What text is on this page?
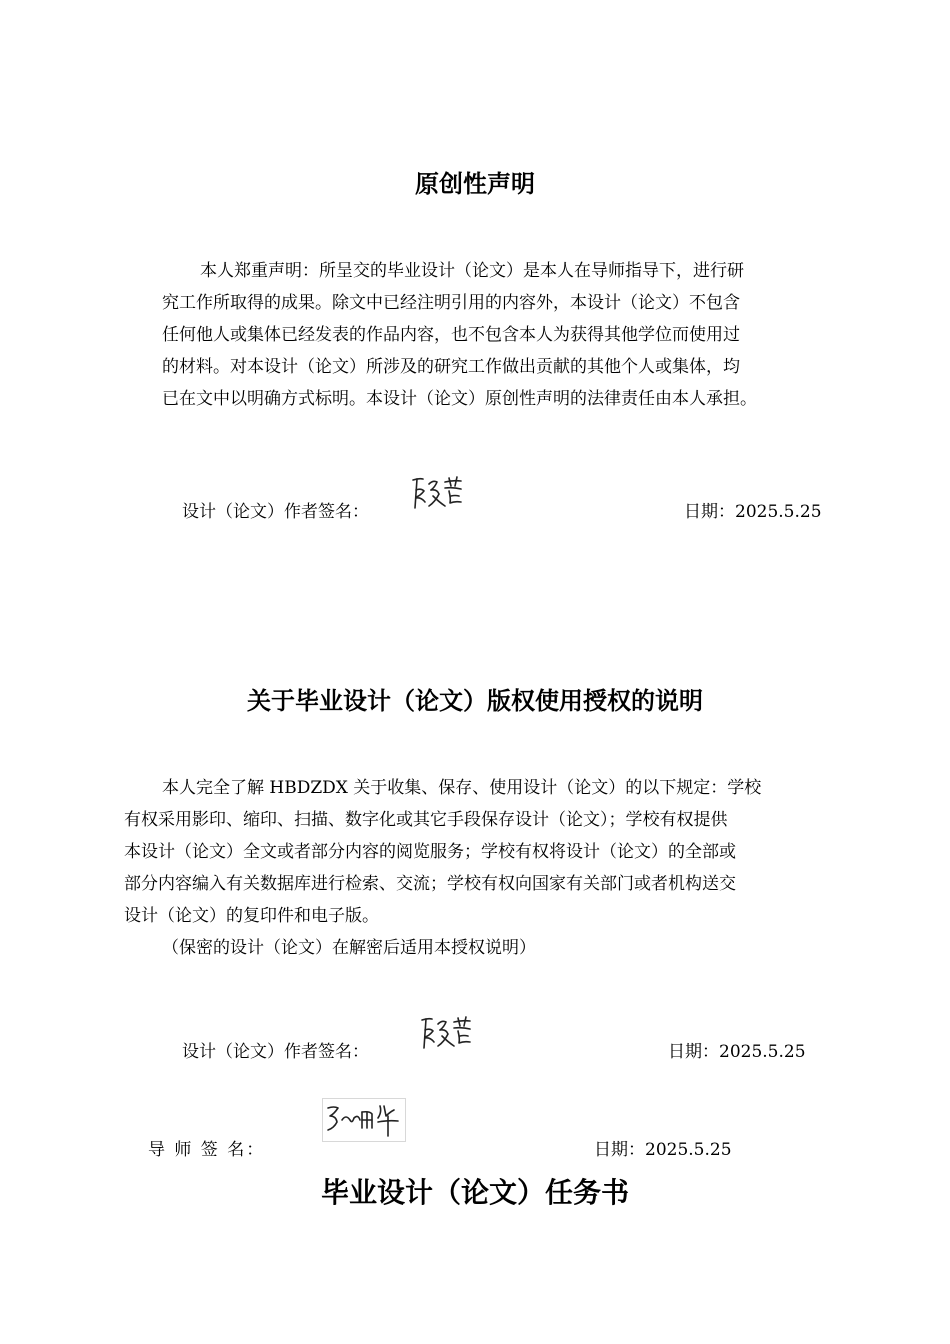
原创性声明
本人郑重声明：所呈交的毕业设计（论文）是本人在导师指导下，进行研
究工作所取得的成果。除文中已经注明引用的内容外，本设计（论文）不包含
任何他人或集体已经发表的作品内容，也不包含本人为获得其他学位而使用过
的材料。对本设计（论文）所涉及的研究工作做出贡献的其他个人或集体，均
已在文中以明确方式标明。本设计（论文）原创性声明的法律责任由本人承担。
设计（论文）作者签名：	日期：2025.5.25
关于毕业设计（论文）版权使用授权的说明
本人完全了解 HBDZDX 关于收集、保存、使用设计（论文）的以下规定：学校
有权采用影印、缩印、扫描、数字化或其它手段保存设计（论文）；学校有权提供
本设计（论文）全文或者部分内容的阅览服务；学校有权将设计（论文）的全部或
部分内容编入有关数据库进行检索、交流；学校有权向国家有关部门或者机构送交
设计（论文）的复印件和电子版。
（保密的设计（论文）在解密后适用本授权说明）
设计（论文）作者签名：	日期：2025.5.25
导 师 签 名：	日期：2025.5.25
毕业设计（论文）任务书
